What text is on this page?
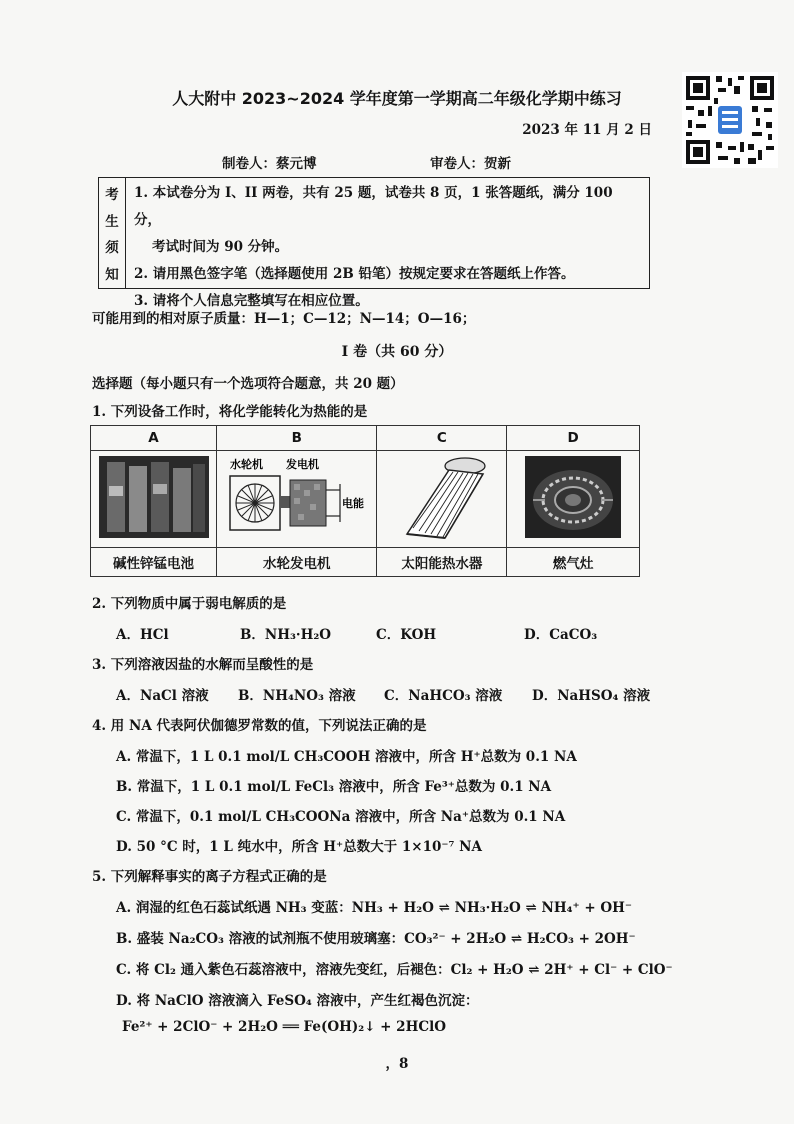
人大附中 2023~2024 学年度第一学期高二年级化学期中练习
2023 年 11 月 2 日
制卷人：蔡元博	审卷人：贺新
考
生
须
知
1. 本试卷分为 I、II 两卷，共有 25 题，试卷共 8 页，1 张答题纸，满分 100 分，
考试时间为 90 分钟。
2. 请用黑色签字笔（选择题使用 2B 铅笔）按规定要求在答题纸上作答。
3. 请将个人信息完整填写在相应位置。
可能用到的相对原子质量：H—1；C—12；N—14；O—16；
I 卷（共 60 分）
选择题（每小题只有一个选项符合题意，共 20 题）
1. 下列设备工作时，将化学能转化为热能的是
A	B	C	D

水轮机 发电机
电能

碱性锌锰电池	水轮发电机	太阳能热水器	燃气灶
2. 下列物质中属于弱电解质的是
A．HCl	B．NH₃·H₂O	C．KOH	D．CaCO₃
3. 下列溶液因盐的水解而呈酸性的是
A．NaCl 溶液	B．NH₄NO₃ 溶液	C．NaHCO₃ 溶液	D．NaHSO₄ 溶液
4. 用 NA 代表阿伏伽德罗常数的值，下列说法正确的是
A. 常温下，1 L 0.1 mol/L CH₃COOH 溶液中，所含 H⁺总数为 0.1 NA
B. 常温下，1 L 0.1 mol/L FeCl₃ 溶液中，所含 Fe³⁺总数为 0.1 NA
C. 常温下，0.1 mol/L CH₃COONa 溶液中，所含 Na⁺总数为 0.1 NA
D. 50 °C 时，1 L 纯水中，所含 H⁺总数大于 1×10⁻⁷ NA
5. 下列解释事实的离子方程式正确的是
A. 润湿的红色石蕊试纸遇 NH₃ 变蓝：NH₃ + H₂O ⇌ NH₃·H₂O ⇌ NH₄⁺ + OH⁻
B. 盛装 Na₂CO₃ 溶液的试剂瓶不使用玻璃塞：CO₃²⁻ + 2H₂O ⇌ H₂CO₃ + 2OH⁻
C. 将 Cl₂ 通入紫色石蕊溶液中，溶液先变红，后褪色：Cl₂ + H₂O ⇌ 2H⁺ + Cl⁻ + ClO⁻
D. 将 NaClO 溶液滴入 FeSO₄ 溶液中，产生红褐色沉淀：
Fe²⁺ + 2ClO⁻ + 2H₂O ══ Fe(OH)₂↓ + 2HClO
，8
